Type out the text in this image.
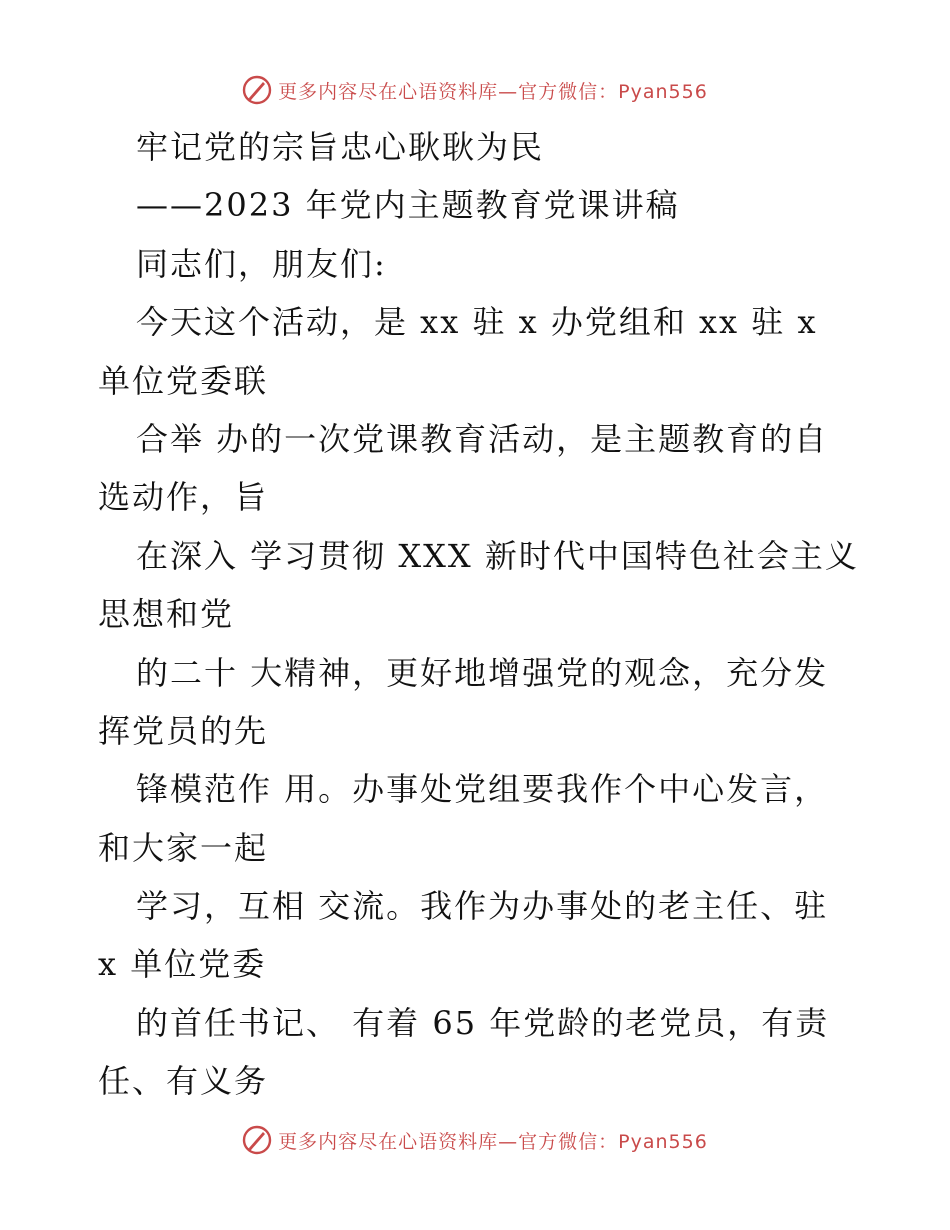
更多内容尽在心语资料库—官方微信：Pyan556
牢记党的宗旨忠心耿耿为民
——2023 年党内主题教育党课讲稿
同志们，朋友们:
今天这个活动，是 xx 驻 x 办党组和 xx 驻 x
单位党委联
合举 办的一次党课教育活动，是主题教育的自
选动作，旨
在深入 学习贯彻 XXX 新时代中国特色社会主义
思想和党
的二十 大精神，更好地增强党的观念，充分发
挥党员的先
锋模范作 用。办事处党组要我作个中心发言，
和大家一起
学习，互相 交流。我作为办事处的老主任、驻
x 单位党委
的首任书记、 有着 65 年党龄的老党员，有责
任、有义务
更多内容尽在心语资料库—官方微信：Pyan556
